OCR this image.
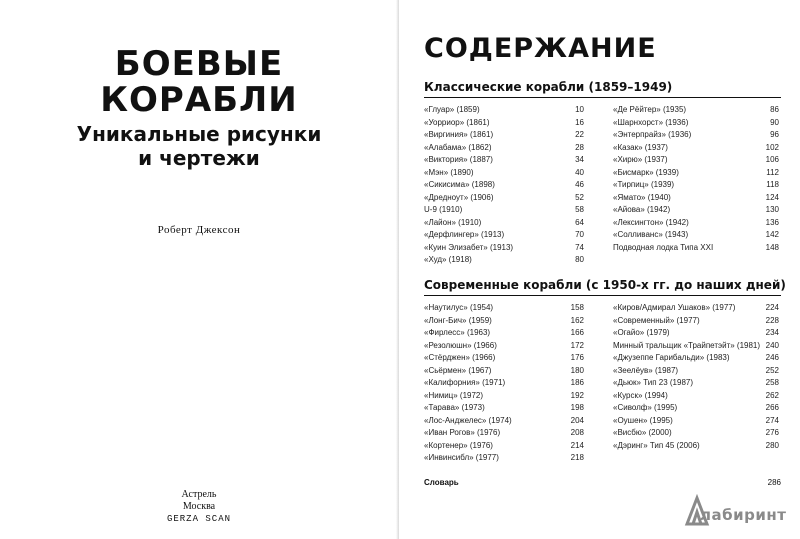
БОЕВЫЕ
КОРАБЛИ
Уникальные рисунки
и чертежи
Роберт Джексон
Астрель
Москва
GERZA SCAN
СОДЕРЖАНИЕ
Классические корабли (1859–1949)
«Глуар» (1859)	10
«Уорриор» (1861)	16
«Виргиния» (1861)	22
«Алабама» (1862)	28
«Виктория» (1887)	34
«Мэн» (1890)	40
«Сикисима» (1898)	46
«Дредноут» (1906)	52
U-9 (1910)	58
«Лайон» (1910)	64
«Дерфлингер» (1913)	70
«Куин Элизабет» (1913)	74
«Худ» (1918)	80
«Де Рёйтер» (1935)	86
«Шарнхорст» (1936)	90
«Энтерпрайз» (1936)	96
«Казак» (1937)	102
«Хирю» (1937)	106
«Бисмарк» (1939)	112
«Тирпиц» (1939)	118
«Ямато» (1940)	124
«Айова» (1942)	130
«Лексингтон» (1942)	136
«Солливанс» (1943)	142
Подводная лодка Типа XXI	148
Современные корабли (с 1950-х гг. до наших дней)
«Наутилус» (1954)	158
«Лонг-Бич» (1959)	162
«Фирлесс» (1963)	166
«Резолюшн» (1966)	172
«Стёрджен» (1966)	176
«Сьёрмен» (1967)	180
«Калифорния» (1971)	186
«Нимиц» (1972)	192
«Тарава» (1973)	198
«Лос-Анджелес» (1974)	204
«Иван Рогов» (1976)	208
«Кортенер» (1976)	214
«Инвинсибл» (1977)	218
«Киров/Адмирал Ушаков» (1977)	224
«Современный» (1977)	228
«Огайо» (1979)	234
Минный тральщик «Трайпетэйт» (1981) 240
«Джузеппе Гарибальди» (1983)	246
«Зеелёув» (1987)	252
«Дьюк» Тип 23 (1987)	258
«Курск» (1994)	262
«Сиволф» (1995)	266
«Оушен» (1995)	274
«Висбю» (2000)	276
«Дэринг» Тип 45 (2006)	280
Словарь	286
лабиринт
